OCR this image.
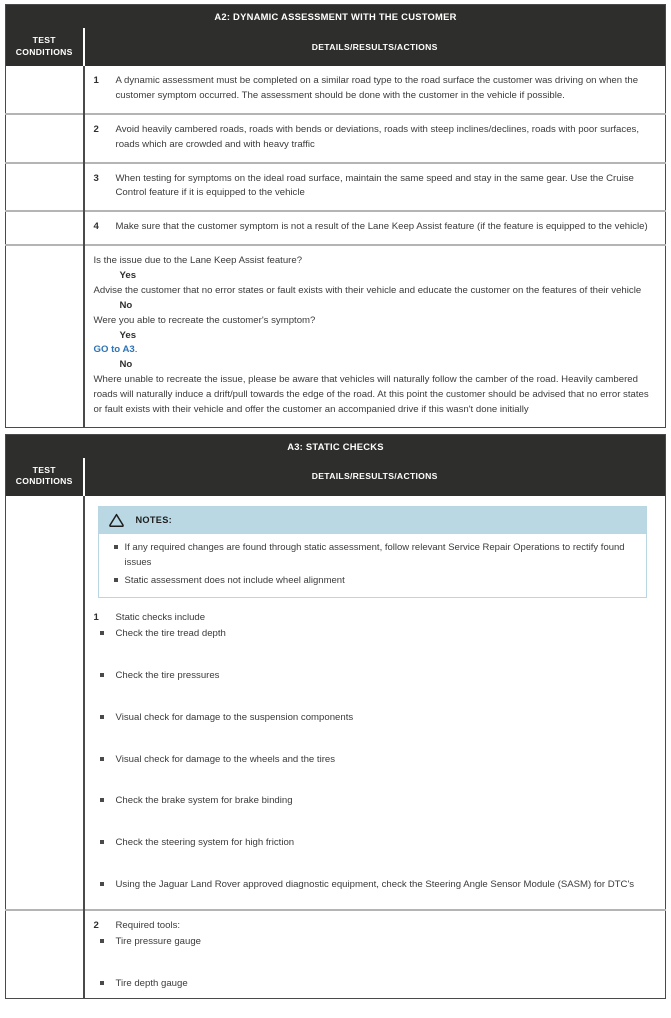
A2: DYNAMIC ASSESSMENT WITH THE CUSTOMER	
TEST
CONDITIONS	DETAILS/RESULTS/ACTIONS

	1 A dynamic assessment must be completed on a similar road type to the road surface the customer was driving on when the customer symptom occurred. The assessment should be done with the customer in the vehicle if possible.

	2 Avoid heavily cambered roads, roads with bends or deviations, roads with steep inclines/declines, roads with poor surfaces, roads which are crowded and with heavy traffic

	3 When testing for symptoms on the ideal road surface, maintain the same speed and stay in the same gear. Use the Cruise Control feature if it is equipped to the vehicle

	4 Make sure that the customer symptom is not a result of the Lane Keep Assist feature (if the feature is equipped to the vehicle)

Is the issue due to the Lane Keep Assist feature?

Yes

Advise the customer that no error states or fault exists with their vehicle and educate the customer on the features of their vehicle

No

Were you able to recreate the customer's symptom?

Yes

GO to A3.

No

Where unable to recreate the issue, please be aware that vehicles will naturally follow the camber of the road. Heavily cambered roads will naturally induce a drift/pull towards the edge of the road. At this point the customer should be advised that no error states or fault exists with their vehicle and offer the customer an accompanied drive if this wasn't done initially

A3: STATIC CHECKS	
TEST
CONDITIONS	DETAILS/RESULTS/ACTIONS

NOTES:
If any required changes are found through static assessment, follow relevant Service Repair Operations to rectify found issues
Static assessment does not include wheel alignment
1	Static checks include
Check the tire tread depth
Check the tire pressures
Visual check for damage to the suspension components
Visual check for damage to the wheels and the tires
Check the brake system for brake binding
Check the steering system for high friction
Using the Jaguar Land Rover approved diagnostic equipment, check the Steering Angle Sensor Module (SASM) for DTC's

	2 Required tools:
Tire pressure gauge
Tire depth gauge
